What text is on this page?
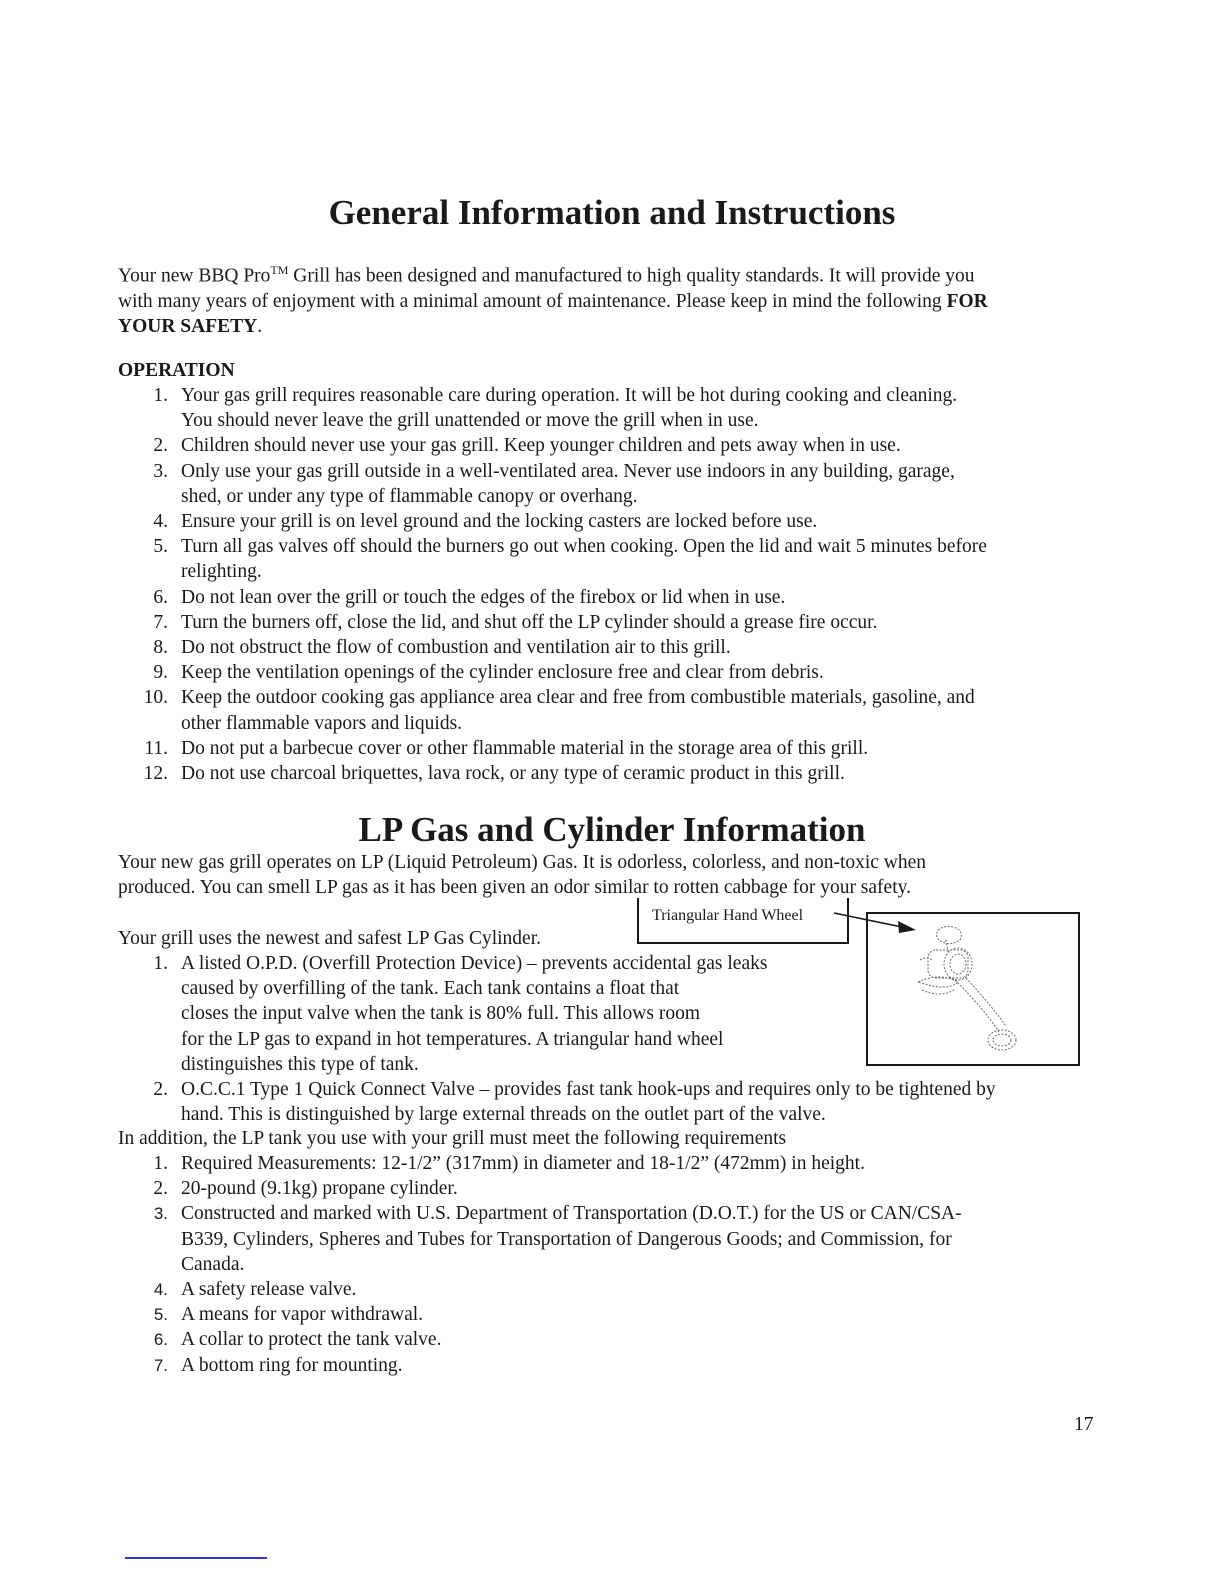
General Information and Instructions
Your new BBQ Pro™ Grill has been designed and manufactured to high quality standards. It will provide you
with many years of enjoyment with a minimal amount of maintenance. Please keep in mind the following FOR
YOUR SAFETY.
OPERATION
1. Your gas grill requires reasonable care during operation. It will be hot during cooking and cleaning.
You should never leave the grill unattended or move the grill when in use.
2. Children should never use your gas grill. Keep younger children and pets away when in use.
3. Only use your gas grill outside in a well-ventilated area. Never use indoors in any building, garage,
shed, or under any type of flammable canopy or overhang.
4. Ensure your grill is on level ground and the locking casters are locked before use.
5. Turn all gas valves off should the burners go out when cooking. Open the lid and wait 5 minutes before
relighting.
6. Do not lean over the grill or touch the edges of the firebox or lid when in use.
7. Turn the burners off, close the lid, and shut off the LP cylinder should a grease fire occur.
8. Do not obstruct the flow of combustion and ventilation air to this grill.
9. Keep the ventilation openings of the cylinder enclosure free and clear from debris.
10. Keep the outdoor cooking gas appliance area clear and free from combustible materials, gasoline, and
other flammable vapors and liquids.
11. Do not put a barbecue cover or other flammable material in the storage area of this grill.
12. Do not use charcoal briquettes, lava rock, or any type of ceramic product in this grill.
LP Gas and Cylinder Information
Your new gas grill operates on LP (Liquid Petroleum) Gas. It is odorless, colorless, and non-toxic when
produced. You can smell LP gas as it has been given an odor similar to rotten cabbage for your safety.
Triangular Hand Wheel
Your grill uses the newest and safest LP Gas Cylinder.
1. A listed O.P.D. (Overfill Protection Device) – prevents accidental gas leaks
caused by overfilling of the tank. Each tank contains a float that
closes the input valve when the tank is 80% full. This allows room
for the LP gas to expand in hot temperatures. A triangular hand wheel
distinguishes this type of tank.
2. O.C.C.1 Type 1 Quick Connect Valve – provides fast tank hook-ups and requires only to be tightened by
hand. This is distinguished by large external threads on the outlet part of the valve.
In addition, the LP tank you use with your grill must meet the following requirements
1. Required Measurements: 12-1/2” (317mm) in diameter and 18-1/2” (472mm) in height.
2. 20-pound (9.1kg) propane cylinder.
3. Constructed and marked with U.S. Department of Transportation (D.O.T.) for the US or CAN/CSA-
B339, Cylinders, Spheres and Tubes for Transportation of Dangerous Goods; and Commission, for
Canada.
4. A safety release valve.
5. A means for vapor withdrawal.
6. A collar to protect the tank valve.
7. A bottom ring for mounting.
17
